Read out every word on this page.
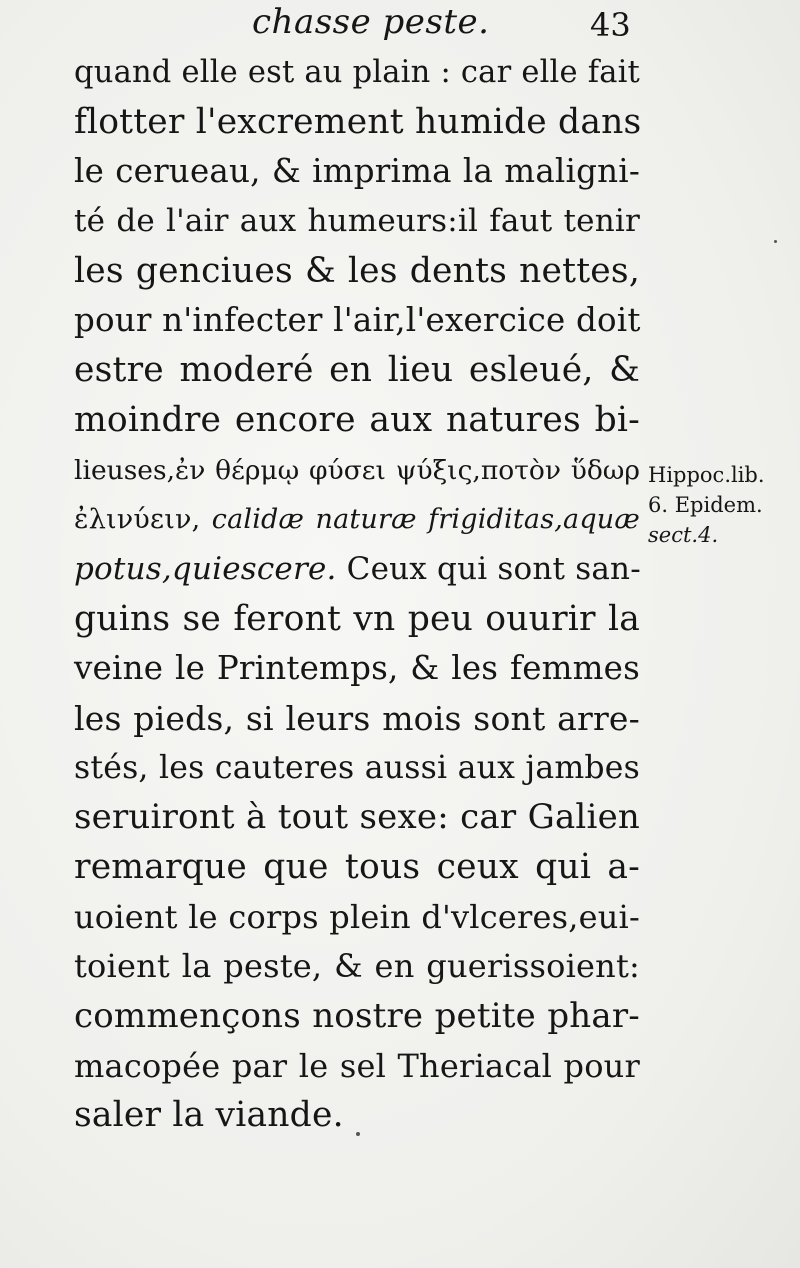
chasse peste.	43
quand elle est au plain : car elle fait
flotter l'excrement humide dans
le cerueau, & imprima la maligni-
té de l'air aux humeurs:il faut tenir
les genciues & les dents nettes,
pour n'infecter l'air,l'exercice doit
estre moderé en lieu esleué, &
moindre encore aux natures bi-
lieuses,ἐν θέρμῳ φύσει ψύξις,ποτὸν ὕδωρ
ἐλινύειν, calidæ naturæ frigiditas,aquæ
potus,quiescere. Ceux qui sont san-
guins se feront vn peu ouurir la
veine le Printemps, & les femmes
les pieds, si leurs mois sont arre-
stés, les cauteres aussi aux jambes
seruiront à tout sexe: car Galien
remarque que tous ceux qui a-
uoient le corps plein d'vlceres,eui-
toient la peste, & en guerissoient:
commençons nostre petite phar-
macopée par le sel Theriacal pour
saler la viande.
Hippoc.lib.
6. Epidem.
sect.4.
